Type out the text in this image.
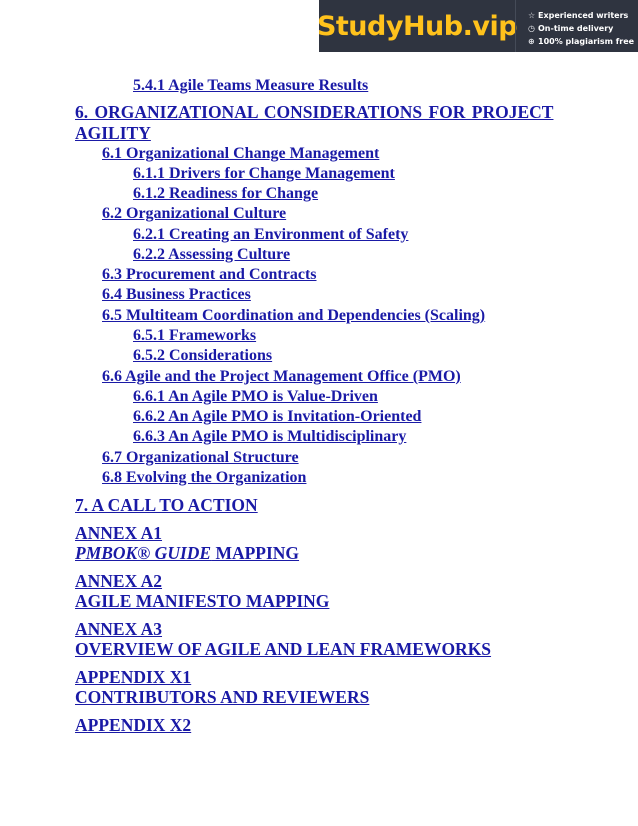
StudyHub.vip ☆ Experienced writers
◷ On-time delivery
⊕ 100% plagiarism free
5.4.1 Agile Teams Measure Results
6. ORGANIZATIONAL CONSIDERATIONS FOR PROJECT
AGILITY
6.1 Organizational Change Management
6.1.1 Drivers for Change Management
6.1.2 Readiness for Change
6.2 Organizational Culture
6.2.1 Creating an Environment of Safety
6.2.2 Assessing Culture
6.3 Procurement and Contracts
6.4 Business Practices
6.5 Multiteam Coordination and Dependencies (Scaling)
6.5.1 Frameworks
6.5.2 Considerations
6.6 Agile and the Project Management Office (PMO)
6.6.1 An Agile PMO is Value-Driven
6.6.2 An Agile PMO is Invitation-Oriented
6.6.3 An Agile PMO is Multidisciplinary
6.7 Organizational Structure
6.8 Evolving the Organization
7. A CALL TO ACTION
ANNEX A1
PMBOK® GUIDE MAPPING
ANNEX A2
AGILE MANIFESTO MAPPING
ANNEX A3
OVERVIEW OF AGILE AND LEAN FRAMEWORKS
APPENDIX X1
CONTRIBUTORS AND REVIEWERS
APPENDIX X2
